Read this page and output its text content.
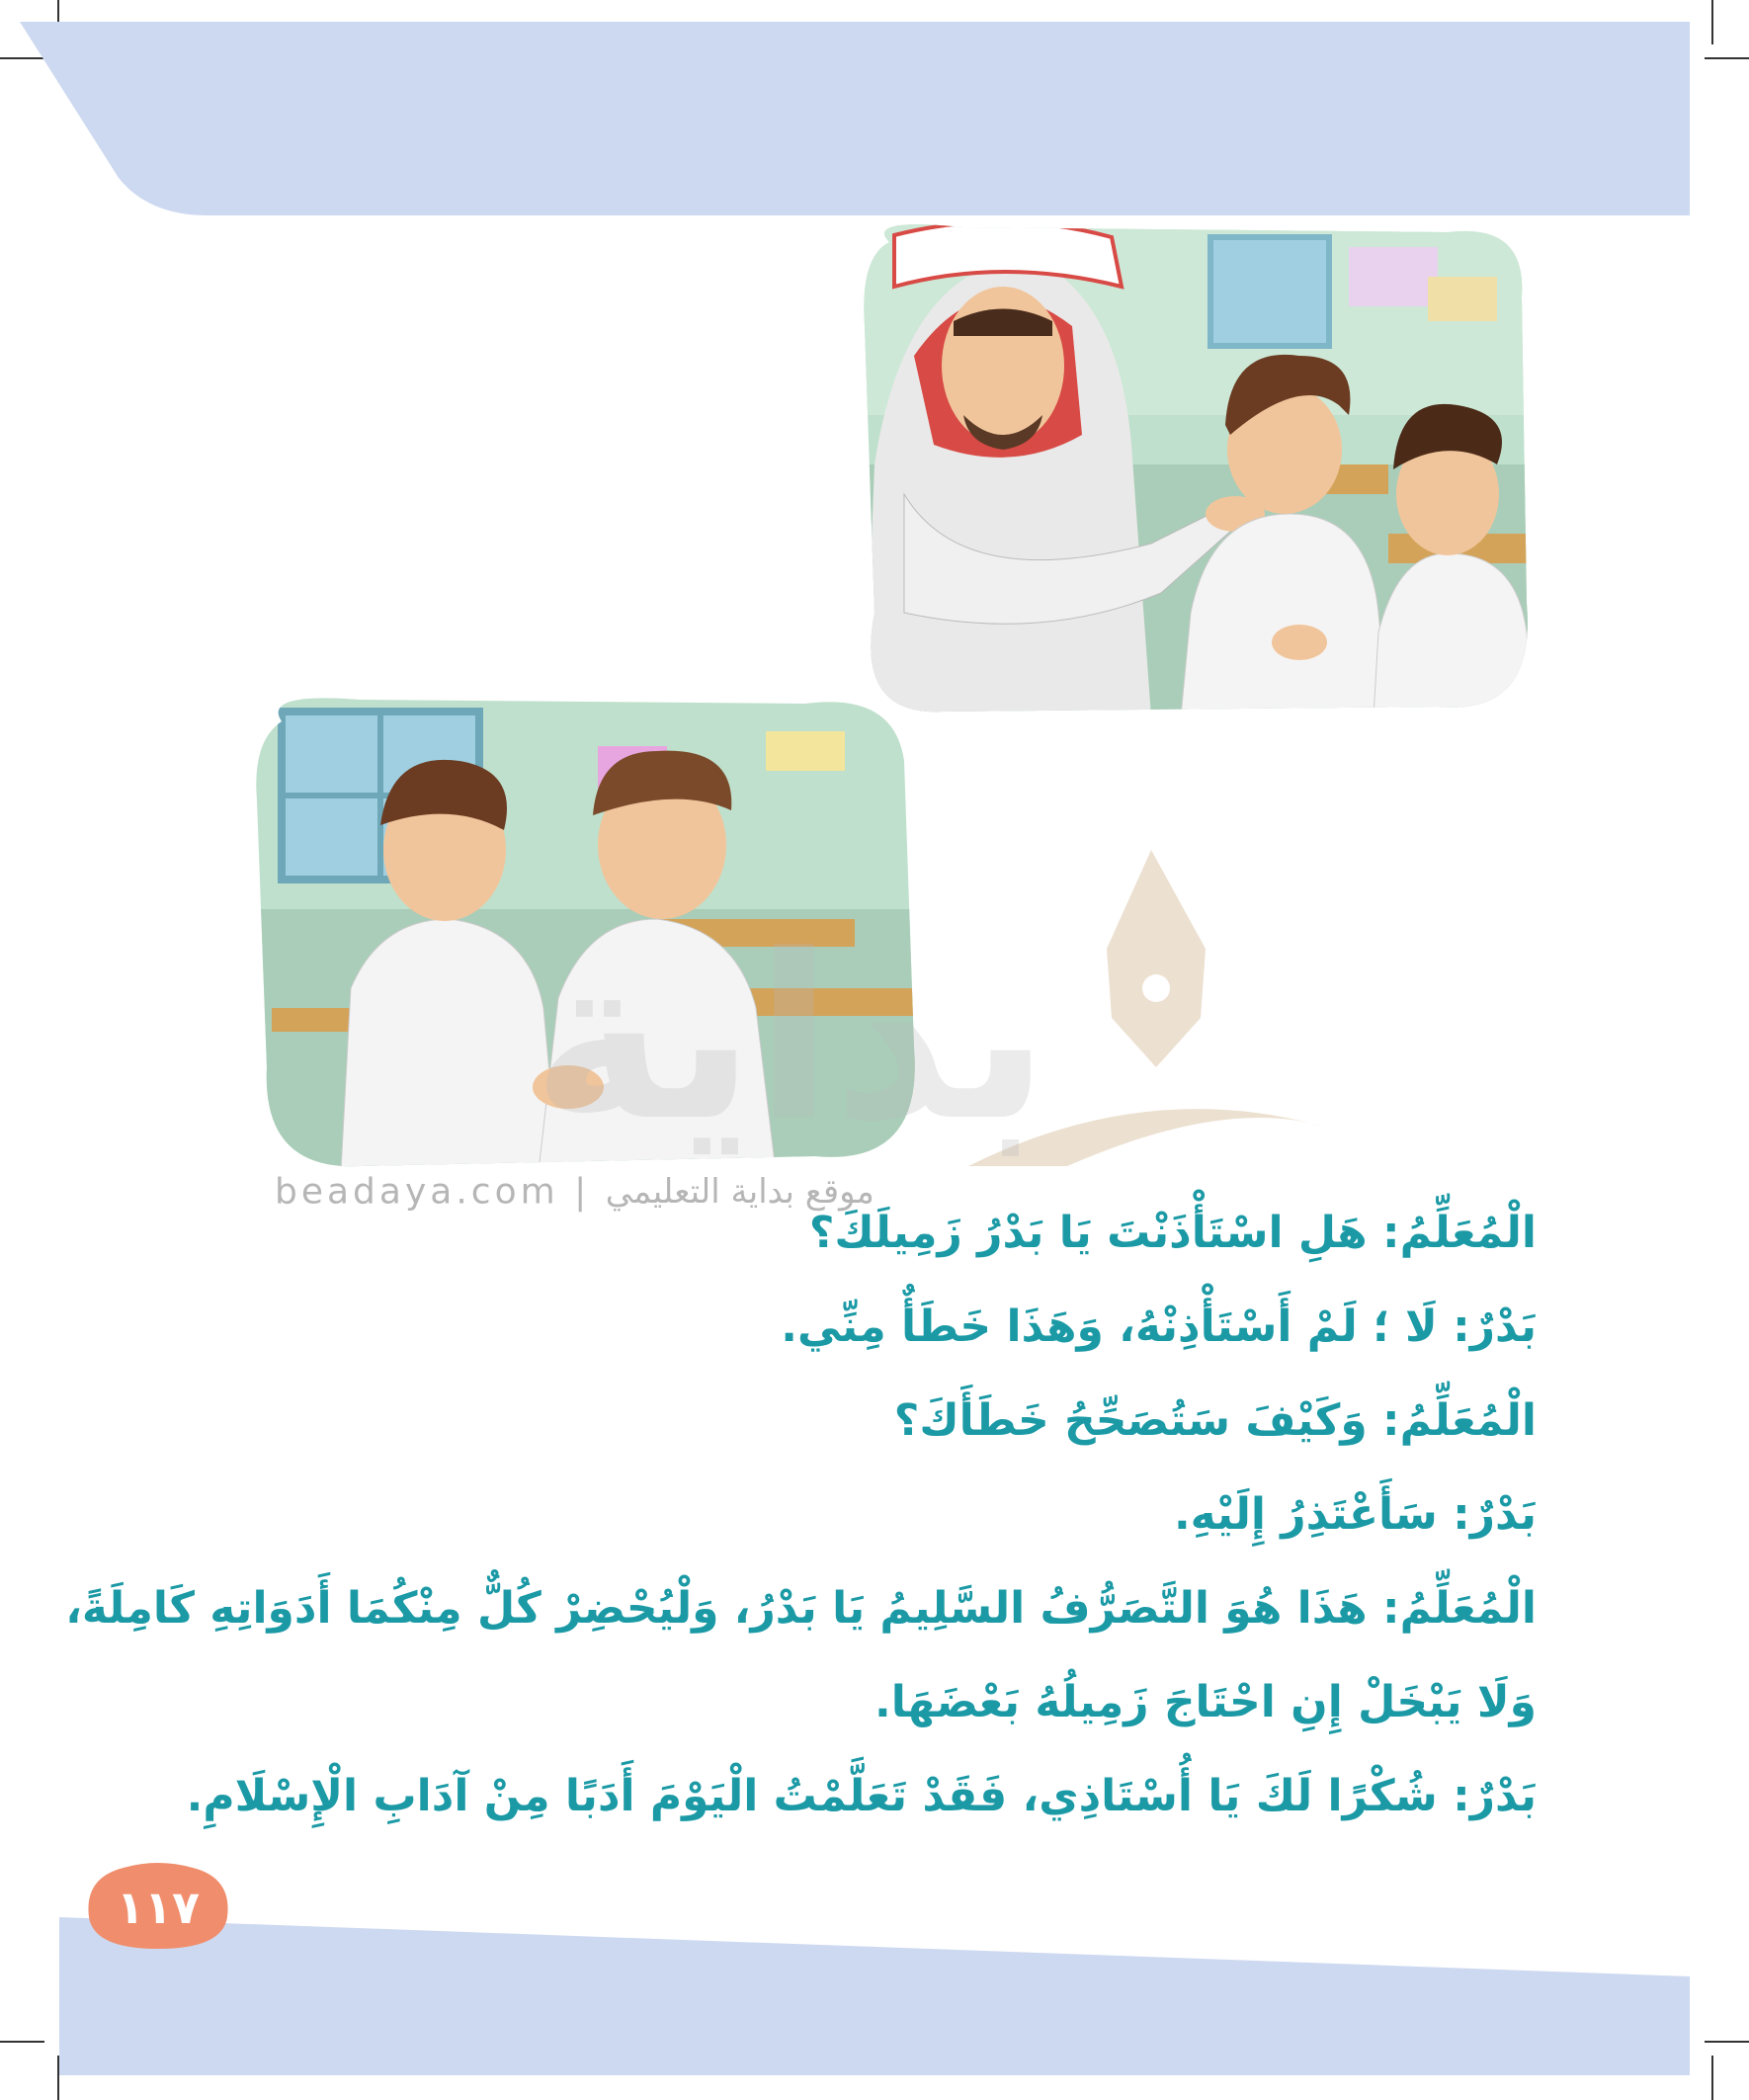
بداية
beadaya.com | موقع بداية التعليمي
الْمُعَلِّمُ: هَلِ اسْتَأْذَنْتَ يَا بَدْرُ زَمِيلَكَ؟
بَدْرٌ: لَا ؛ لَمْ أَسْتَأْذِنْهُ، وَهَذَا خَطَأٌ مِنِّي.
الْمُعَلِّمُ: وَكَيْفَ سَتُصَحِّحُ خَطَأَكَ؟
بَدْرٌ: سَأَعْتَذِرُ إِلَيْهِ.
الْمُعَلِّمُ: هَذَا هُوَ التَّصَرُّفُ السَّلِيمُ يَا بَدْرُ، وَلْيُحْضِرْ كُلٌّ مِنْكُمَا أَدَوَاتِهِ كَامِلَةً،
وَلَا يَبْخَلْ إِنِ احْتَاجَ زَمِيلُهُ بَعْضَهَا.
بَدْرٌ: شُكْرًا لَكَ يَا أُسْتَاذِي، فَقَدْ تَعَلَّمْتُ الْيَوْمَ أَدَبًا مِنْ آدَابِ الْإِسْلَامِ.
١١٧
